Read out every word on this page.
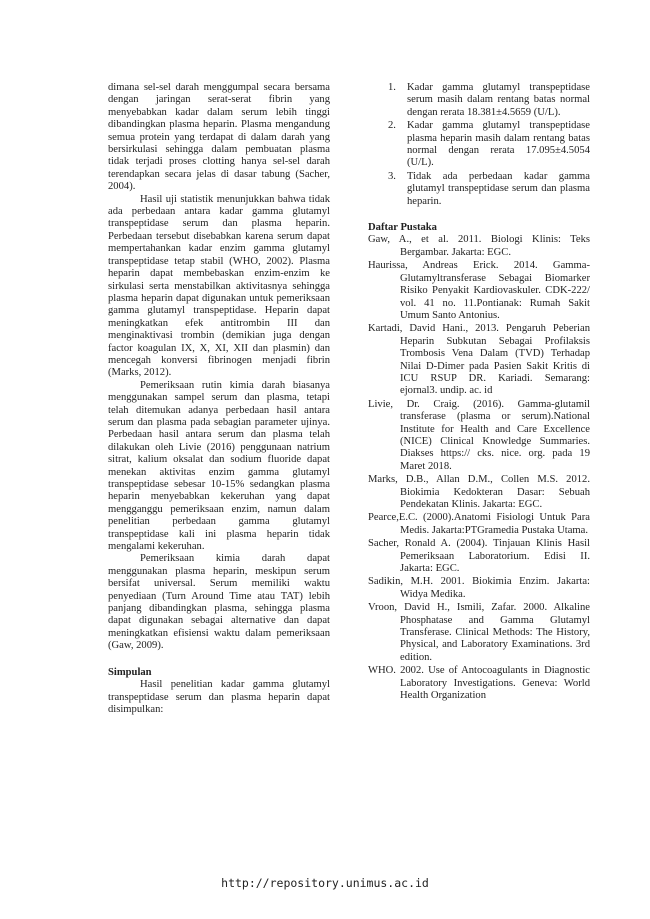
dimana sel-sel darah menggumpal secara bersama dengan jaringan serat-serat fibrin yang menyebabkan kadar dalam serum lebih tinggi dibandingkan plasma heparin. Plasma mengandung semua protein yang terdapat di dalam darah yang bersirkulasi sehingga dalam pembuatan plasma tidak terjadi proses clotting hanya sel-sel darah terendapkan secara jelas di dasar tabung (Sacher, 2004).

Hasil uji statistik menunjukkan bahwa tidak ada perbedaan antara kadar gamma glutamyl transpeptidase serum dan plasma heparin. Perbedaan tersebut disebabkan karena serum dapat mempertahankan kadar enzim gamma glutamyl transpeptidase tetap stabil (WHO, 2002). Plasma heparin dapat membebaskan enzim-enzim ke sirkulasi serta menstabilkan aktivitasnya sehingga plasma heparin dapat digunakan untuk pemeriksaan gamma glutamyl transpeptidase. Heparin dapat meningkatkan efek antitrombin III dan menginaktivasi trombin (demikian juga dengan factor koagulan IX, X, XI, XII dan plasmin) dan mencegah konversi fibrinogen menjadi fibrin (Marks, 2012).

Pemeriksaan rutin kimia darah biasanya menggunakan sampel serum dan plasma, tetapi telah ditemukan adanya perbedaan hasil antara serum dan plasma pada sebagian parameter ujinya. Perbedaan hasil antara serum dan plasma telah dilakukan oleh Livie (2016) penggunaan natrium sitrat, kalium oksalat dan sodium fluoride dapat menekan aktivitas enzim gamma glutamyl transpeptidase sebesar 10-15% sedangkan plasma heparin menyebabkan kekeruhan yang dapat mengganggu pemeriksaan enzim, namun dalam penelitian perbedaan gamma glutamyl transpeptidase kali ini plasma heparin tidak mengalami kekeruhan.

Pemeriksaan kimia darah dapat menggunakan plasma heparin, meskipun serum bersifat universal. Serum memiliki waktu penyediaan (Turn Around Time atau TAT) lebih panjang dibandingkan plasma, sehingga plasma dapat digunakan sebagai alternative dan dapat meningkatkan efisiensi waktu dalam pemeriksaan (Gaw, 2009).

Simpulan

Hasil penelitian kadar gamma glutamyl transpeptidase serum dan plasma heparin dapat disimpulkan:

1. Kadar gamma glutamyl transpeptidase serum masih dalam rentang batas normal dengan rerata 18.381±4.5659 (U/L).
2. Kadar gamma glutamyl transpeptidase plasma heparin masih dalam rentang batas normal dengan rerata 17.095±4.5054 (U/L).
3. Tidak ada perbedaan kadar gamma glutamyl transpeptidase serum dan plasma heparin.

Daftar Pustaka

Gaw, A., et al. 2011. Biologi Klinis: Teks Bergambar. Jakarta: EGC.

Haurissa, Andreas Erick. 2014. Gamma-Glutamyltransferase Sebagai Biomarker Risiko Penyakit Kardiovaskuler. CDK-222/ vol. 41 no. 11.Pontianak: Rumah Sakit Umum Santo Antonius.

Kartadi, David Hani., 2013. Pengaruh Peberian Heparin Subkutan Sebagai Profilaksis Trombosis Vena Dalam (TVD) Terhadap Nilai D-Dimer pada Pasien Sakit Kritis di ICU RSUP DR. Kariadi. Semarang: ejornal3. undip. ac. id

Livie, Dr. Craig. (2016). Gamma-glutamil transferase (plasma or serum).National Institute for Health and Care Excellence (NICE) Clinical Knowledge Summaries. Diakses https:// cks. nice. org. pada 19 Maret 2018.

Marks, D.B., Allan D.M., Collen M.S. 2012. Biokimia Kedokteran Dasar: Sebuah Pendekatan Klinis. Jakarta: EGC.

Pearce,E.C. (2000).Anatomi Fisiologi Untuk Para Medis. Jakarta:PTGramedia Pustaka Utama.

Sacher, Ronald A. (2004). Tinjauan Klinis Hasil Pemeriksaan Laboratorium. Edisi II. Jakarta: EGC.

Sadikin, M.H. 2001. Biokimia Enzim. Jakarta: Widya Medika.

Vroon, David H., Ismili, Zafar. 2000. Alkaline Phosphatase and Gamma Glutamyl Transferase. Clinical Methods: The History, Physical, and Laboratory Examinations. 3rd edition.

WHO. 2002. Use of Antocoagulants in Diagnostic Laboratory Investigations. Geneva: World Health Organization

http://repository.unimus.ac.id
